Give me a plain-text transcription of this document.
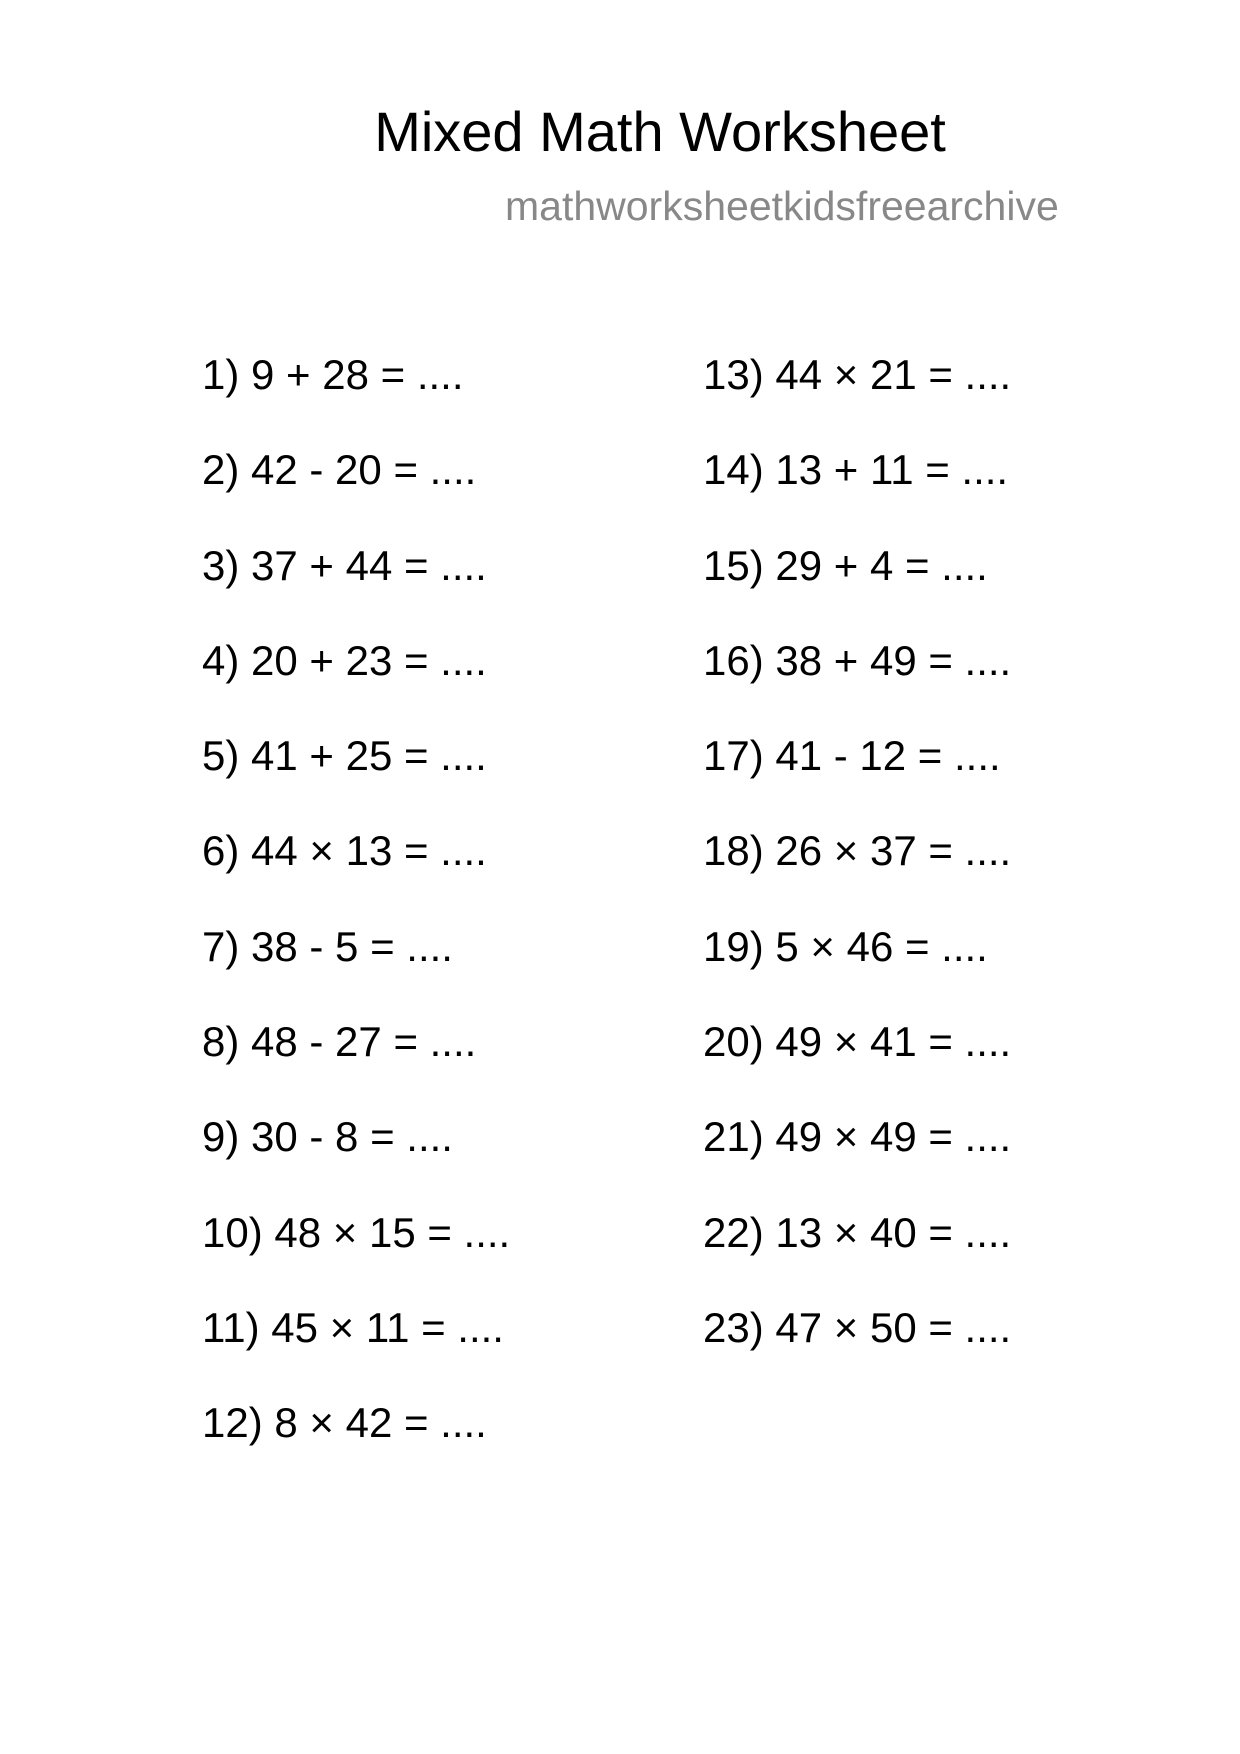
Mixed Math Worksheet
mathworksheetkidsfreearchive
1) 9 + 28 = ....
2) 42 - 20 = ....
3) 37 + 44 = ....
4) 20 + 23 = ....
5) 41 + 25 = ....
6) 44 × 13 = ....
7) 38 - 5 = ....
8) 48 - 27 = ....
9) 30 - 8 = ....
10) 48 × 15 = ....
11) 45 × 11 = ....
12) 8 × 42 = ....
13) 44 × 21 = ....
14) 13 + 11 = ....
15) 29 + 4 = ....
16) 38 + 49 = ....
17) 41 - 12 = ....
18) 26 × 37 = ....
19) 5 × 46 = ....
20) 49 × 41 = ....
21) 49 × 49 = ....
22) 13 × 40 = ....
23) 47 × 50 = ....
